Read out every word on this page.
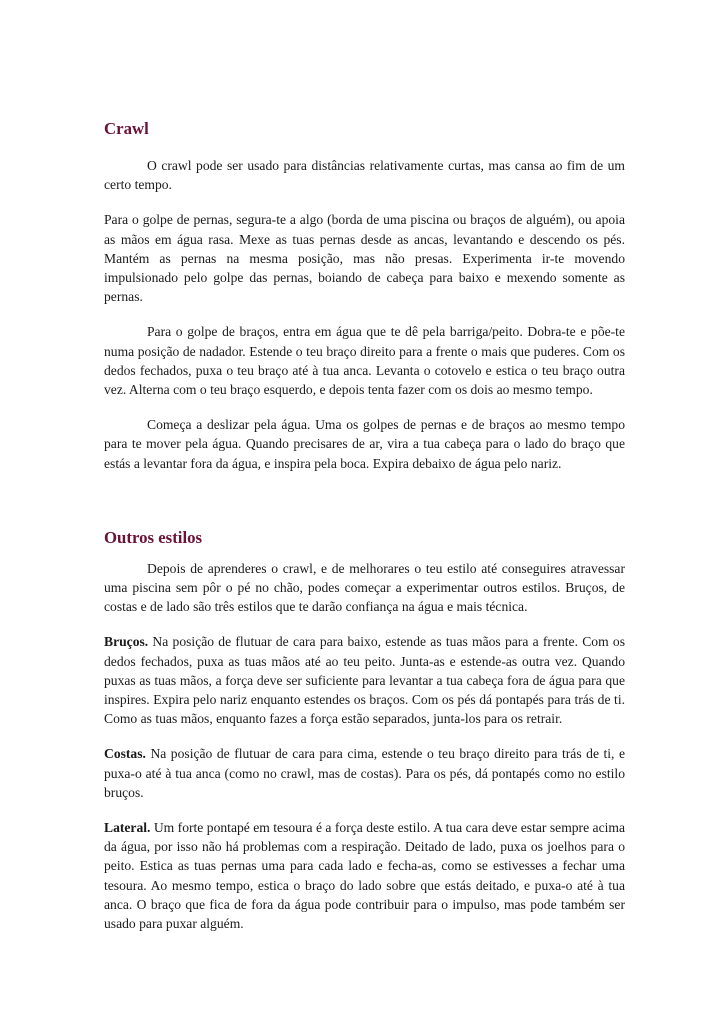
Crawl

O crawl pode ser usado para distâncias relativamente curtas, mas cansa ao fim de um certo tempo.

Para o golpe de pernas, segura-te a algo (borda de uma piscina ou braços de alguém), ou apoia as mãos em água rasa. Mexe as tuas pernas desde as ancas, levantando e descendo os pés. Mantém as pernas na mesma posição, mas não presas. Experimenta ir-te movendo impulsionado pelo golpe das pernas, boiando de cabeça para baixo e mexendo somente as pernas.

Para o golpe de braços, entra em água que te dê pela barriga/peito. Dobra-te e põe-te numa posição de nadador. Estende o teu braço direito para a frente o mais que puderes. Com os dedos fechados, puxa o teu braço até à tua anca. Levanta o cotovelo e estica o teu braço outra vez. Alterna com o teu braço esquerdo, e depois tenta fazer com os dois ao mesmo tempo.

Começa a deslizar pela água. Uma os golpes de pernas e de braços ao mesmo tempo para te mover pela água. Quando precisares de ar, vira a tua cabeça para o lado do braço que estás a levantar fora da água, e inspira pela boca. Expira debaixo de água pelo nariz.

Outros estilos

Depois de aprenderes o crawl, e de melhorares o teu estilo até conseguires atravessar uma piscina sem pôr o pé no chão, podes começar a experimentar outros estilos. Bruços, de costas e de lado são três estilos que te darão confiança na água e mais técnica.

Bruços. Na posição de flutuar de cara para baixo, estende as tuas mãos para a frente. Com os dedos fechados, puxa as tuas mãos até ao teu peito. Junta-as e estende-as outra vez. Quando puxas as tuas mãos, a força deve ser suficiente para levantar a tua cabeça fora de água para que inspires. Expira pelo nariz enquanto estendes os braços. Com os pés dá pontapés para trás de ti. Como as tuas mãos, enquanto fazes a força estão separados, junta-los para os retrair.

Costas. Na posição de flutuar de cara para cima, estende o teu braço direito para trás de ti, e puxa-o até à tua anca (como no crawl, mas de costas). Para os pés, dá pontapés como no estilo bruços.

Lateral. Um forte pontapé em tesoura é a força deste estilo. A tua cara deve estar sempre acima da água, por isso não há problemas com a respiração. Deitado de lado, puxa os joelhos para o peito. Estica as tuas pernas uma para cada lado e fecha-as, como se estivesses a fechar uma tesoura. Ao mesmo tempo, estica o braço do lado sobre que estás deitado, e puxa-o até à tua anca. O braço que fica de fora da água pode contribuir para o impulso, mas pode também ser usado para puxar alguém.
